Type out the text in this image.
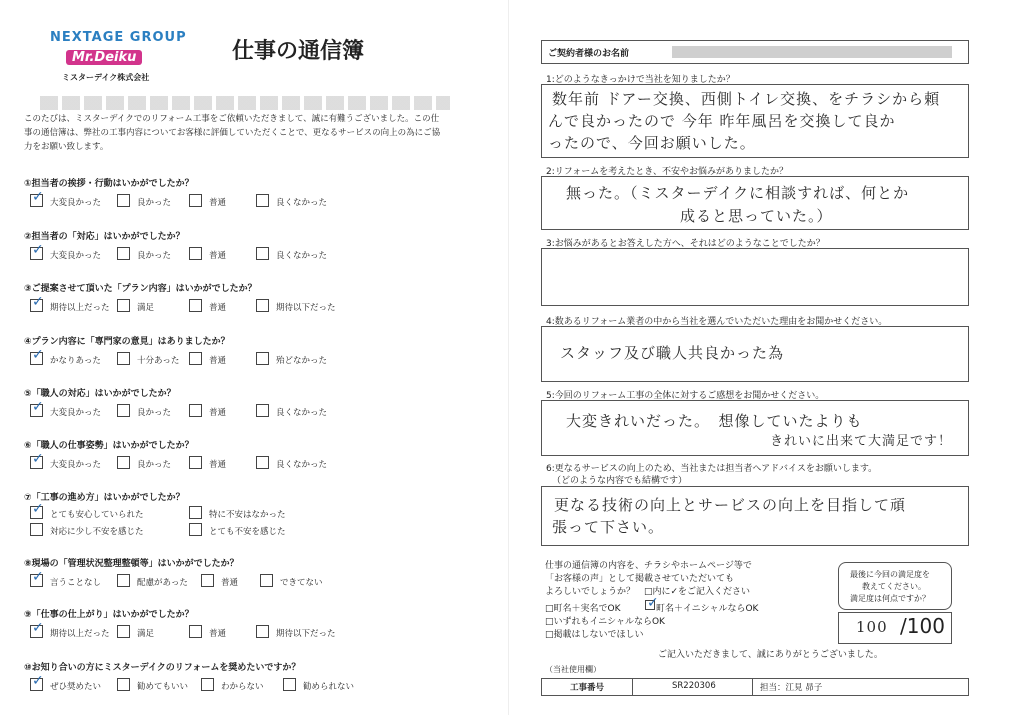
NEXTAGE GROUP
Mr.Deiku
ミスターデイク株式会社
仕事の通信簿
このたびは、ミスターデイクでのリフォーム工事をご依頼いただきまして、誠に有難うございました。この仕事の通信簿は、弊社の工事内容についてお客様に評価していただくことで、更なるサービスの向上の為にご協力をお願い致します。
①担当者の挨拶・行動はいかがでしたか？
✓
大変良かった	良かった	普通	良くなかった
②担当者の「対応」はいかがでしたか？
✓
大変良かった	良かった	普通	良くなかった
③ご提案させて頂いた「プラン内容」はいかがでしたか？
✓
期待以上だった	満足	普通	期待以下だった
④プラン内容に「専門家の意見」はありましたか？
✓
かなりあった	十分あった	普通	殆どなかった
⑤「職人の対応」はいかがでしたか？
✓
大変良かった	良かった	普通	良くなかった
⑥「職人の仕事姿勢」はいかがでしたか？
✓
大変良かった	良かった	普通	良くなかった
⑦「工事の進め方」はいかがでしたか？
✓
とても安心していられた	特に不安はなかった
対応に少し不安を感じた	とても不安を感じた
⑧現場の「管理状況整理整頓等」はいかがでしたか？
✓
言うことなし	配慮があった	普通	できてない
⑨「仕事の仕上がり」はいかがでしたか？
✓
期待以上だった	満足	普通	期待以下だった
⑩お知り合いの方にミスターデイクのリフォームを奨めたいですか？
✓
ぜひ奨めたい	勧めてもいい	わからない	勧められない
ご契約者様のお名前
1:どのようなきっかけで当社を知りましたか？
数年前 ドアー交換、西側トイレ交換、をチラシから頼
んで良かったので 今年 昨年風呂を交換して良か
ったので、今回お願いした。
2:リフォームを考えたとき、不安やお悩みがありましたか？
無った。（ミスターデイクに相談すれば、何とか
成ると思っていた。）
3:お悩みがあるとお答えした方へ、それはどのようなことでしたか？
4:数あるリフォーム業者の中から当社を選んでいただいた理由をお聞かせください。
スタッフ及び職人共良かった為
5:今回のリフォーム工事の全体に対するご感想をお聞かせください。
大変きれいだった。　想像していたよりも
きれいに出来て大満足です！
6:更なるサービスの向上のため、当社または担当者へアドバイスをお願いします。
（どのような内容でも結構です）
更なる技術の向上とサービスの向上を目指して頑
張って下さい。
仕事の通信簿の内容を、チラシやホームページ等で
「お客様の声」として掲載させていただいても
よろしいでしょうか？　□内に✓をご記入ください
□町名＋実名でOK
✓	町名＋イニシャルならOK
□いずれもイニシャルならOK
□掲載はしないでほしい
最後に今回の満足度を
教えてください。
満足度は何点ですか？
100 /100
ご記入いただきまして、誠にありがとうございました。
（当社使用欄）
工事番号	SR220306	担当：江見 昴子
